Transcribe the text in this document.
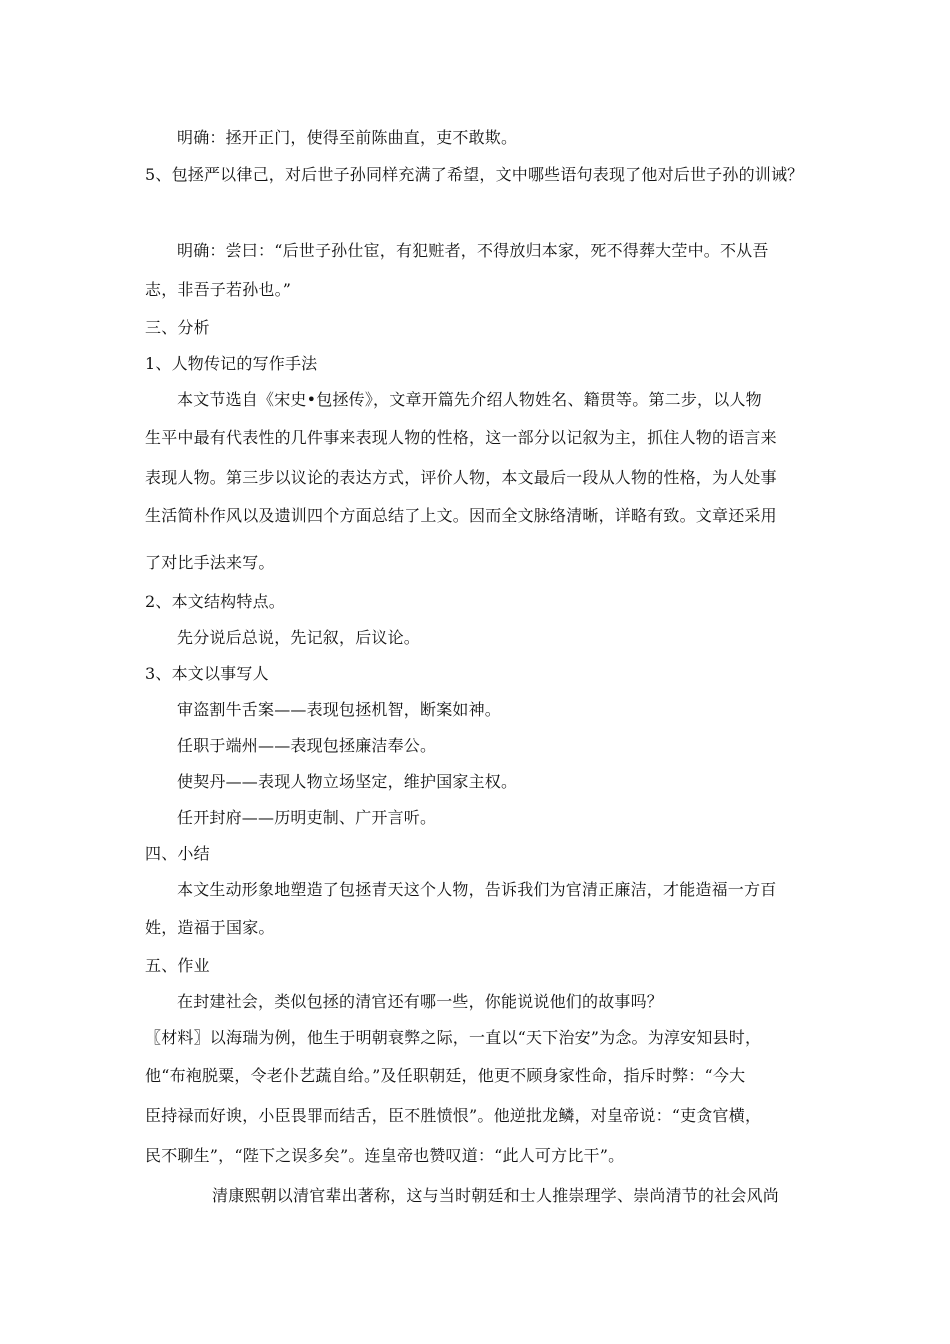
明确：拯开正门，使得至前陈曲直，吏不敢欺。
5、包拯严以律己，对后世子孙同样充满了希望，文中哪些语句表现了他对后世子孙的训诫？
明确：尝曰：“后世子孙仕宦，有犯赃者，不得放归本家，死不得葬大茔中。不从吾
志，非吾子若孙也。”
三、分析
1、人物传记的写作手法
本文节选自《宋史•包拯传》，文章开篇先介绍人物姓名、籍贯等。第二步，以人物
生平中最有代表性的几件事来表现人物的性格，这一部分以记叙为主，抓住人物的语言来
表现人物。第三步以议论的表达方式，评价人物，本文最后一段从人物的性格，为人处事
生活简朴作风以及遗训四个方面总结了上文。因而全文脉络清晰，详略有致。文章还采用
了对比手法来写。
2、本文结构特点。
先分说后总说，先记叙，后议论。
3、本文以事写人
审盗割牛舌案——表现包拯机智，断案如神。
任职于端州——表现包拯廉洁奉公。
使契丹——表现人物立场坚定，维护国家主权。
任开封府——历明吏制、广开言听。
四、小结
本文生动形象地塑造了包拯青天这个人物，告诉我们为官清正廉洁，才能造福一方百
姓，造福于国家。
五、作业
在封建社会，类似包拯的清官还有哪一些，你能说说他们的故事吗？
〖材料〗以海瑞为例，他生于明朝衰弊之际，一直以“天下治安”为念。为淳安知县时，
他“布袍脱粟，令老仆艺蔬自给。”及任职朝廷，他更不顾身家性命，指斥时弊：“今大
臣持禄而好谀，小臣畏罪而结舌，臣不胜愤恨”。他逆批龙鳞，对皇帝说：“吏贪官横，
民不聊生”，“陛下之误多矣”。连皇帝也赞叹道：“此人可方比干”。
清康熙朝以清官辈出著称，这与当时朝廷和士人推崇理学、崇尚清节的社会风尚
